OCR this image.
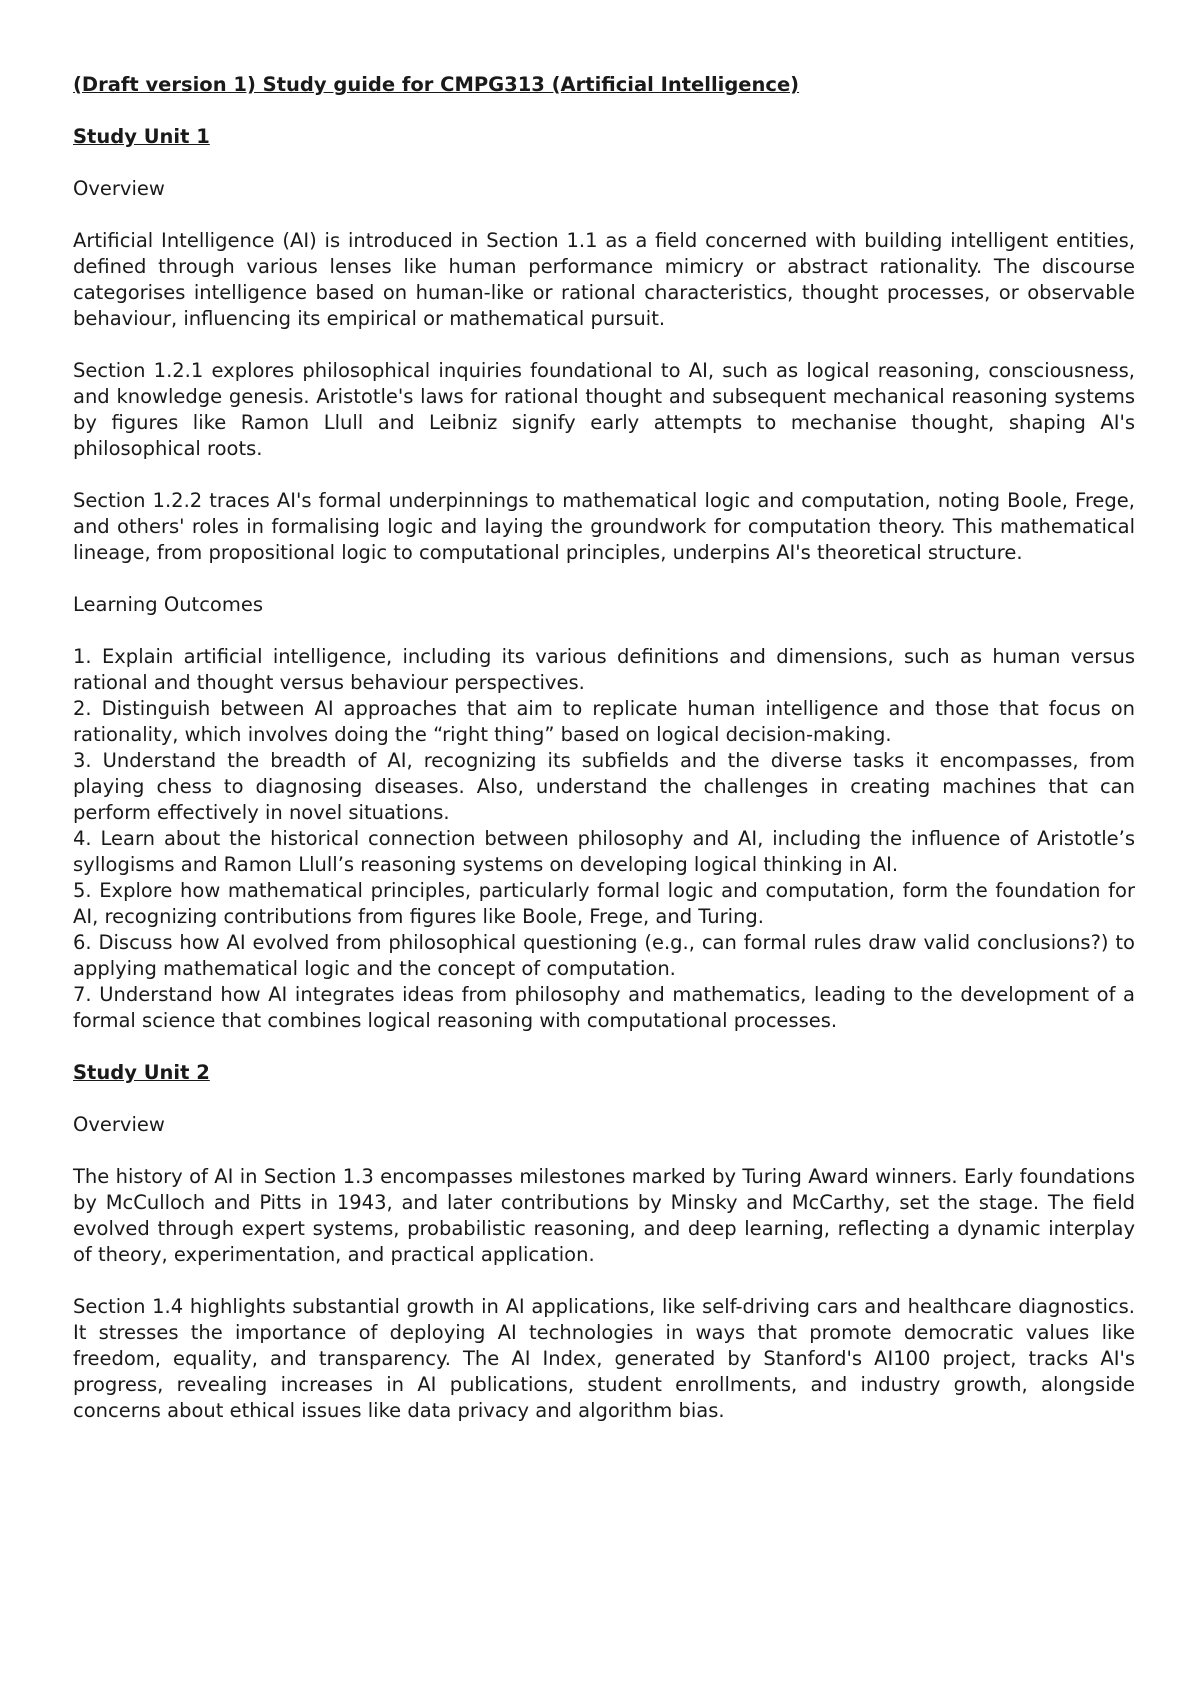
(Draft version 1) Study guide for CMPG313 (Artificial Intelligence)

Study Unit 1

Overview

Artificial Intelligence (AI) is introduced in Section 1.1 as a field concerned with building intelligent entities, defined through various lenses like human performance mimicry or abstract rationality. The discourse categorises intelligence based on human-like or rational characteristics, thought processes, or observable behaviour, influencing its empirical or mathematical pursuit.

Section 1.2.1 explores philosophical inquiries foundational to AI, such as logical reasoning, consciousness, and knowledge genesis. Aristotle's laws for rational thought and subsequent mechanical reasoning systems by figures like Ramon Llull and Leibniz signify early attempts to mechanise thought, shaping AI's philosophical roots.

Section 1.2.2 traces AI's formal underpinnings to mathematical logic and computation, noting Boole, Frege, and others' roles in formalising logic and laying the groundwork for computation theory. This mathematical lineage, from propositional logic to computational principles, underpins AI's theoretical structure.

Learning Outcomes

1. Explain artificial intelligence, including its various definitions and dimensions, such as human versus rational and thought versus behaviour perspectives.
2. Distinguish between AI approaches that aim to replicate human intelligence and those that focus on rationality, which involves doing the “right thing” based on logical decision-making.
3. Understand the breadth of AI, recognizing its subfields and the diverse tasks it encompasses, from playing chess to diagnosing diseases. Also, understand the challenges in creating machines that can perform effectively in novel situations.
4. Learn about the historical connection between philosophy and AI, including the influence of Aristotle’s syllogisms and Ramon Llull’s reasoning systems on developing logical thinking in AI.
5. Explore how mathematical principles, particularly formal logic and computation, form the foundation for AI, recognizing contributions from figures like Boole, Frege, and Turing.
6. Discuss how AI evolved from philosophical questioning (e.g., can formal rules draw valid conclusions?) to applying mathematical logic and the concept of computation.
7. Understand how AI integrates ideas from philosophy and mathematics, leading to the development of a formal science that combines logical reasoning with computational processes.

Study Unit 2

Overview

The history of AI in Section 1.3 encompasses milestones marked by Turing Award winners. Early foundations by McCulloch and Pitts in 1943, and later contributions by Minsky and McCarthy, set the stage. The field evolved through expert systems, probabilistic reasoning, and deep learning, reflecting a dynamic interplay of theory, experimentation, and practical application.

Section 1.4 highlights substantial growth in AI applications, like self-driving cars and healthcare diagnostics. It stresses the importance of deploying AI technologies in ways that promote democratic values like freedom, equality, and transparency. The AI Index, generated by Stanford's AI100 project, tracks AI's progress, revealing increases in AI publications, student enrollments, and industry growth, alongside concerns about ethical issues like data privacy and algorithm bias.
